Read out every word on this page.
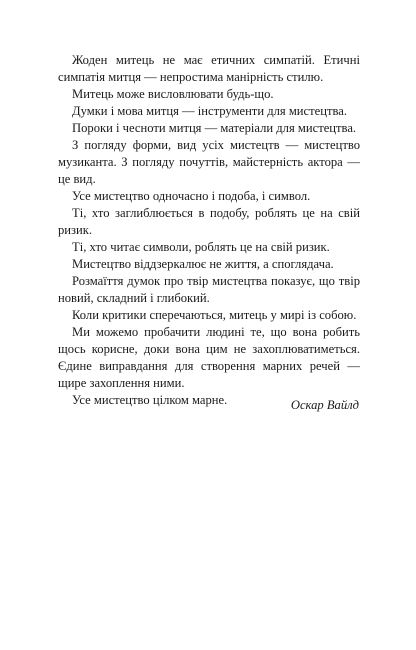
Жоден митець не має етичних симпатій. Етичні симпатія митця — непростима манірність стилю.

Митець може висловлювати будь-що.

Думки і мова митця — інструменти для мистецтва.

Пороки і чесноти митця — матеріали для мистецтва.

З погляду форми, вид усіх мистецтв — мистецтво музиканта. З погляду почуттів, майстерність актора — це вид.

Усе мистецтво одночасно і подоба, і символ.

Ті, хто заглиблюється в подобу, роблять це на свій ризик.

Ті, хто читає символи, роблять це на свій ризик.

Мистецтво віддзеркалює не життя, а споглядача.

Розмаїття думок про твір мистецтва показує, що твір новий, складний і глибокий.

Коли критики сперечаються, митець у мирі із собою.

Ми можемо пробачити людині те, що вона робить щось корисне, доки вона цим не захоплюватиметься. Єдине виправдання для створення марних речей — щире захоплення ними.

Усе мистецтво цілком марне.	Оскар Вайлд
